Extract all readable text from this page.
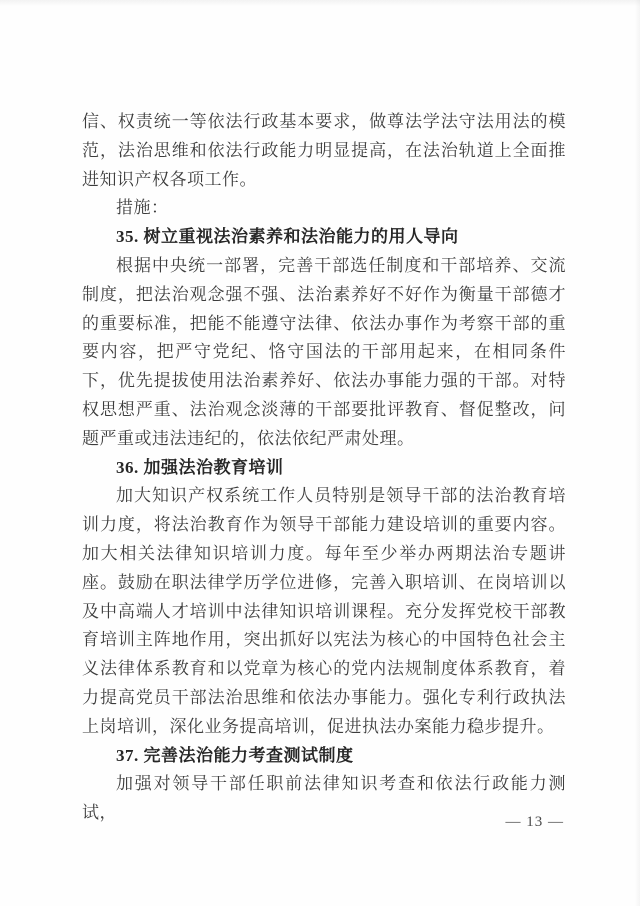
信、权责统一等依法行政基本要求，做尊法学法守法用法的模范，法治思维和依法行政能力明显提高，在法治轨道上全面推进知识产权各项工作。

措施：

35. 树立重视法治素养和法治能力的用人导向

根据中央统一部署，完善干部选任制度和干部培养、交流制度，把法治观念强不强、法治素养好不好作为衡量干部德才的重要标准，把能不能遵守法律、依法办事作为考察干部的重要内容，把严守党纪、恪守国法的干部用起来，在相同条件下，优先提拔使用法治素养好、依法办事能力强的干部。对特权思想严重、法治观念淡薄的干部要批评教育、督促整改，问题严重或违法违纪的，依法依纪严肃处理。

36. 加强法治教育培训

加大知识产权系统工作人员特别是领导干部的法治教育培训力度，将法治教育作为领导干部能力建设培训的重要内容。加大相关法律知识培训力度。每年至少举办两期法治专题讲座。鼓励在职法律学历学位进修，完善入职培训、在岗培训以及中高端人才培训中法律知识培训课程。充分发挥党校干部教育培训主阵地作用，突出抓好以宪法为核心的中国特色社会主义法律体系教育和以党章为核心的党内法规制度体系教育，着力提高党员干部法治思维和依法办事能力。强化专利行政执法上岗培训，深化业务提高培训，促进执法办案能力稳步提升。

37. 完善法治能力考查测试制度

加强对领导干部任职前法律知识考查和依法行政能力测试，	— 13 —
